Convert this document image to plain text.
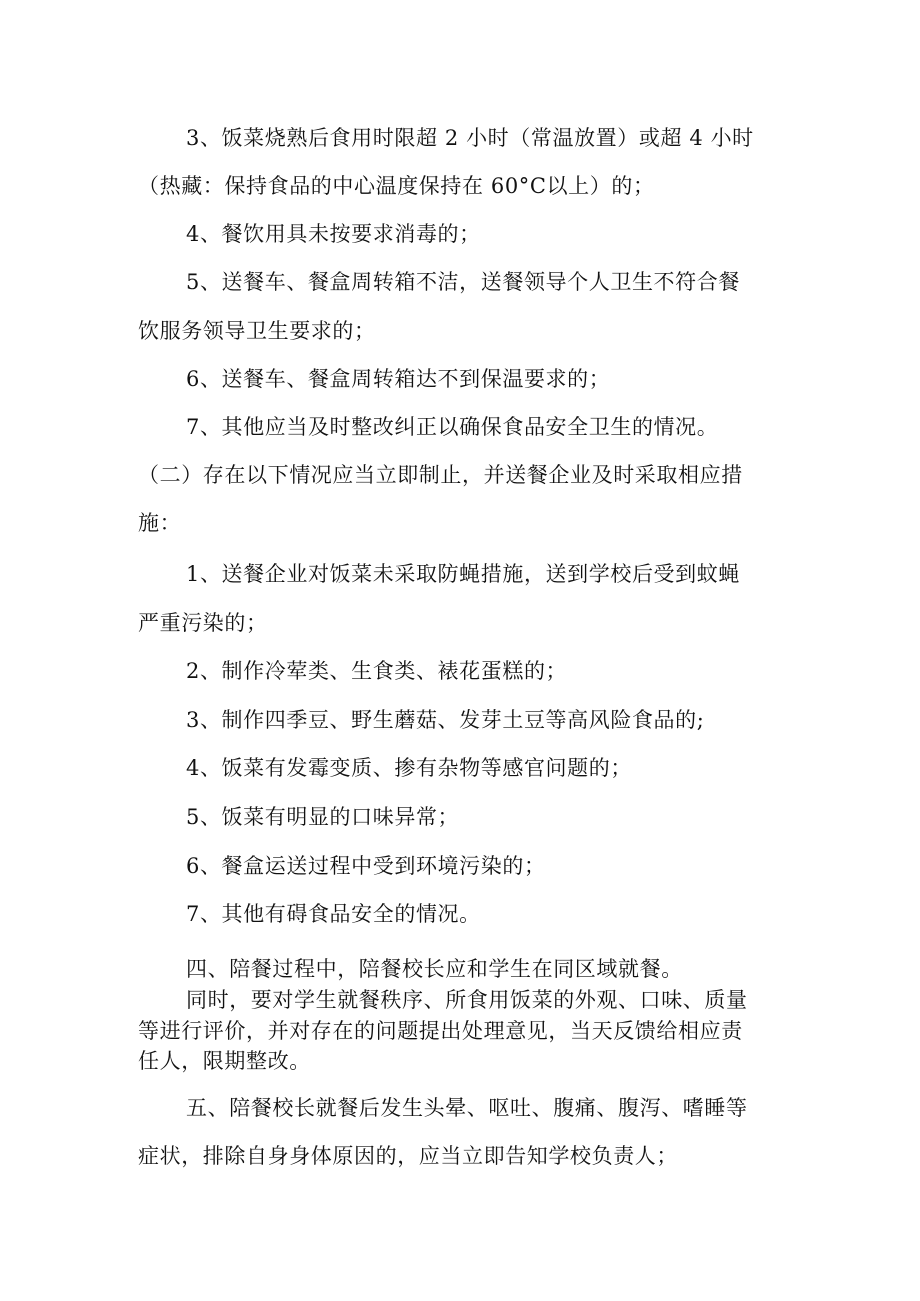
3、饭菜烧熟后食用时限超 2 小时（常温放置）或超 4 小时
（热藏：保持食品的中心温度保持在 60°C以上）的；
4、餐饮用具未按要求消毒的；
5、送餐车、餐盒周转箱不洁，送餐领导个人卫生不符合餐
饮服务领导卫生要求的；
6、送餐车、餐盒周转箱达不到保温要求的；
7、其他应当及时整改纠正以确保食品安全卫生的情况。
（二）存在以下情况应当立即制止，并送餐企业及时采取相应措
施：
1、送餐企业对饭菜未采取防蝇措施，送到学校后受到蚊蝇
严重污染的；
2、制作冷荤类、生食类、裱花蛋糕的；
3、制作四季豆、野生蘑菇、发芽土豆等高风险食品的;
4、饭菜有发霉变质、掺有杂物等感官问题的；
5、饭菜有明显的口味异常；
6、餐盒运送过程中受到环境污染的；
7、其他有碍食品安全的情况。
四、陪餐过程中，陪餐校长应和学生在同区域就餐。
同时，要对学生就餐秩序、所食用饭菜的外观、口味、质量
等进行评价，并对存在的问题提出处理意见，当天反馈给相应责
任人，限期整改。
五、陪餐校长就餐后发生头晕、呕吐、腹痛、腹泻、嗜睡等
症状，排除自身身体原因的，应当立即告知学校负责人；
